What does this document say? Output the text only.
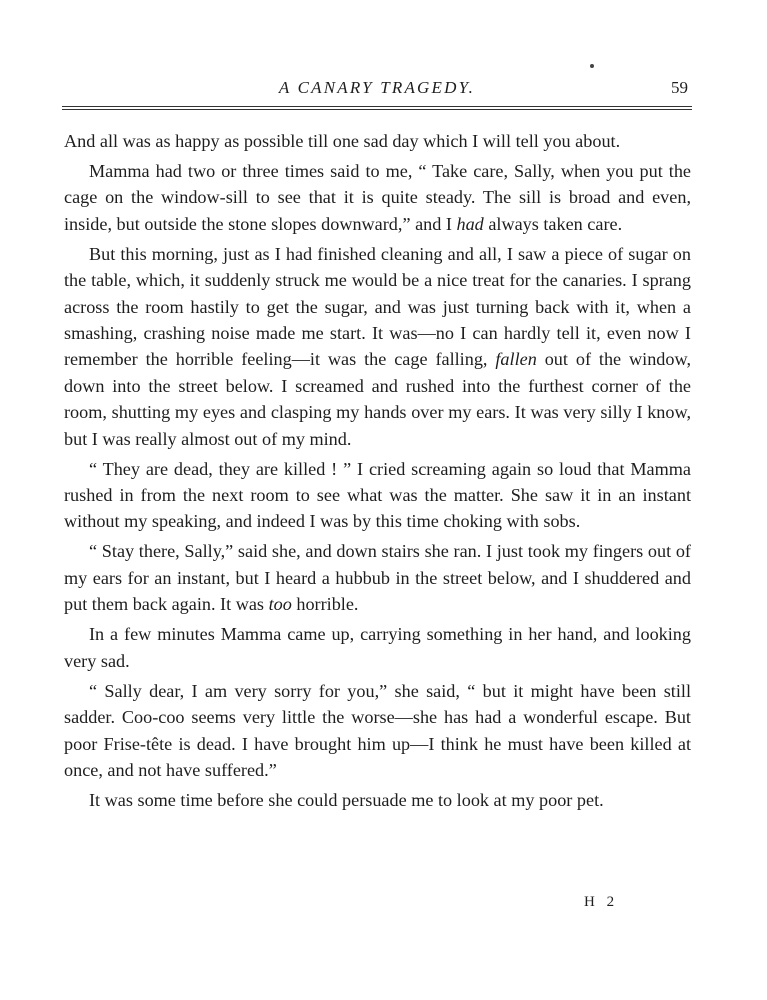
A CANARY TRAGEDY.	59

And all was as happy as possible till one sad day which I will tell you about.

Mamma had two or three times said to me, “ Take care, Sally, when you put the cage on the window-sill to see that it is quite steady. The sill is broad and even, inside, but outside the stone slopes downward,” and I had always taken care.

But this morning, just as I had finished cleaning and all, I saw a piece of sugar on the table, which, it suddenly struck me would be a nice treat for the canaries. I sprang across the room hastily to get the sugar, and was just turning back with it, when a smashing, crashing noise made me start. It was—no I can hardly tell it, even now I remember the horrible feeling—it was the cage falling, fallen out of the window, down into the street below. I screamed and rushed into the furthest corner of the room, shutting my eyes and clasping my hands over my ears. It was very silly I know, but I was really almost out of my mind.

“ They are dead, they are killed ! ” I cried screaming again so loud that Mamma rushed in from the next room to see what was the matter. She saw it in an instant without my speaking, and indeed I was by this time choking with sobs.

“ Stay there, Sally,” said she, and down stairs she ran. I just took my fingers out of my ears for an instant, but I heard a hubbub in the street below, and I shuddered and put them back again. It was too horrible.

In a few minutes Mamma came up, carrying something in her hand, and looking very sad.

“ Sally dear, I am very sorry for you,” she said, “ but it might have been still sadder. Coo-coo seems very little the worse—she has had a wonderful escape. But poor Frise-tête is dead. I have brought him up—I think he must have been killed at once, and not have suffered.”

It was some time before she could persuade me to look at my poor pet.

H 2
